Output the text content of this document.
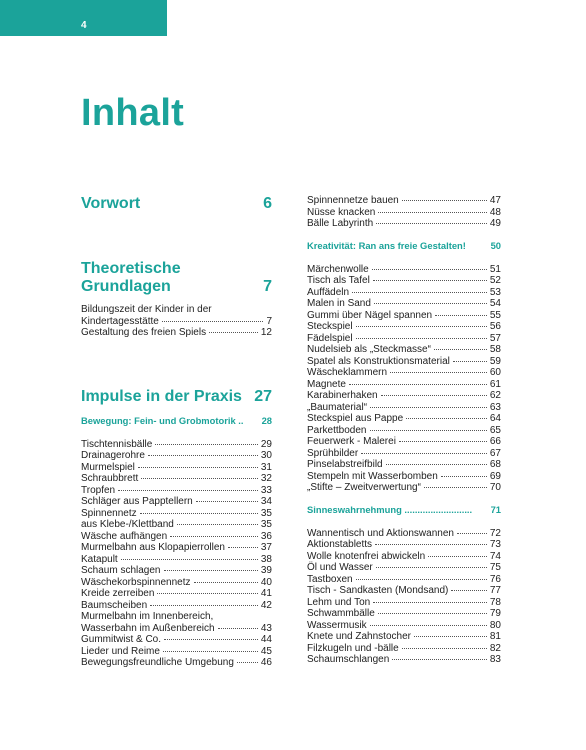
4
Inhalt
Vorwort	6
Theoretische
Grundlagen	7
Bildungszeit der Kinder in der
Kindertagesstätte	7
Gestaltung des freien Spiels	12
Impulse in der Praxis 27
Bewegung: Fein- und Grobmotorik ..	28
Tischtennisbälle	29
Drainagerohre	30
Murmelspiel	31
Schraubbrett	32
Tropfen	33
Schläger aus Papptellern	34
Spinnennetz	35
aus Klebe-/Klettband	35
Wäsche aufhängen	36
Murmelbahn aus Klopapierrollen	37
Katapult	38
Schaum schlagen	39
Wäschekorbspinnennetz	40
Kreide zerreiben	41
Baumscheiben	42
Murmelbahn im Innenbereich,
Wasserbahn im Außenbereich	43
Gummitwist & Co.	44
Lieder und Reime	45
Bewegungsfreundliche Umgebung	46
Spinnennetze bauen	47
Nüsse knacken	48
Bälle Labyrinth	49
Kreativität: Ran ans freie Gestalten!	50
Märchenwolle	51
Tisch als Tafel	52
Auffädeln	53
Malen in Sand	54
Gummi über Nägel spannen	55
Steckspiel	56
Fädelspiel	57
Nudelsieb als „Steckmasse“	58
Spatel als Konstruktionsmaterial	59
Wäscheklammern	60
Magnete	61
Karabinerhaken	62
„Baumaterial“	63
Steckspiel aus Pappe	64
Parkettboden	65
Feuerwerk - Malerei	66
Sprühbilder	67
Pinselabstreifbild	68
Stempeln mit Wasserbomben	69
„Stifte – Zweitverwertung“	70
Sinneswahrnehmung ..........................	71
Wannentisch und Aktionswannen	72
Aktionstabletts	73
Wolle knotenfrei abwickeln	74
Öl und Wasser	75
Tastboxen	76
Tisch - Sandkasten (Mondsand)	77
Lehm und Ton	78
Schwammbälle	79
Wassermusik	80
Knete und Zahnstocher	81
Filzkugeln und -bälle	82
Schaumschlangen	83
